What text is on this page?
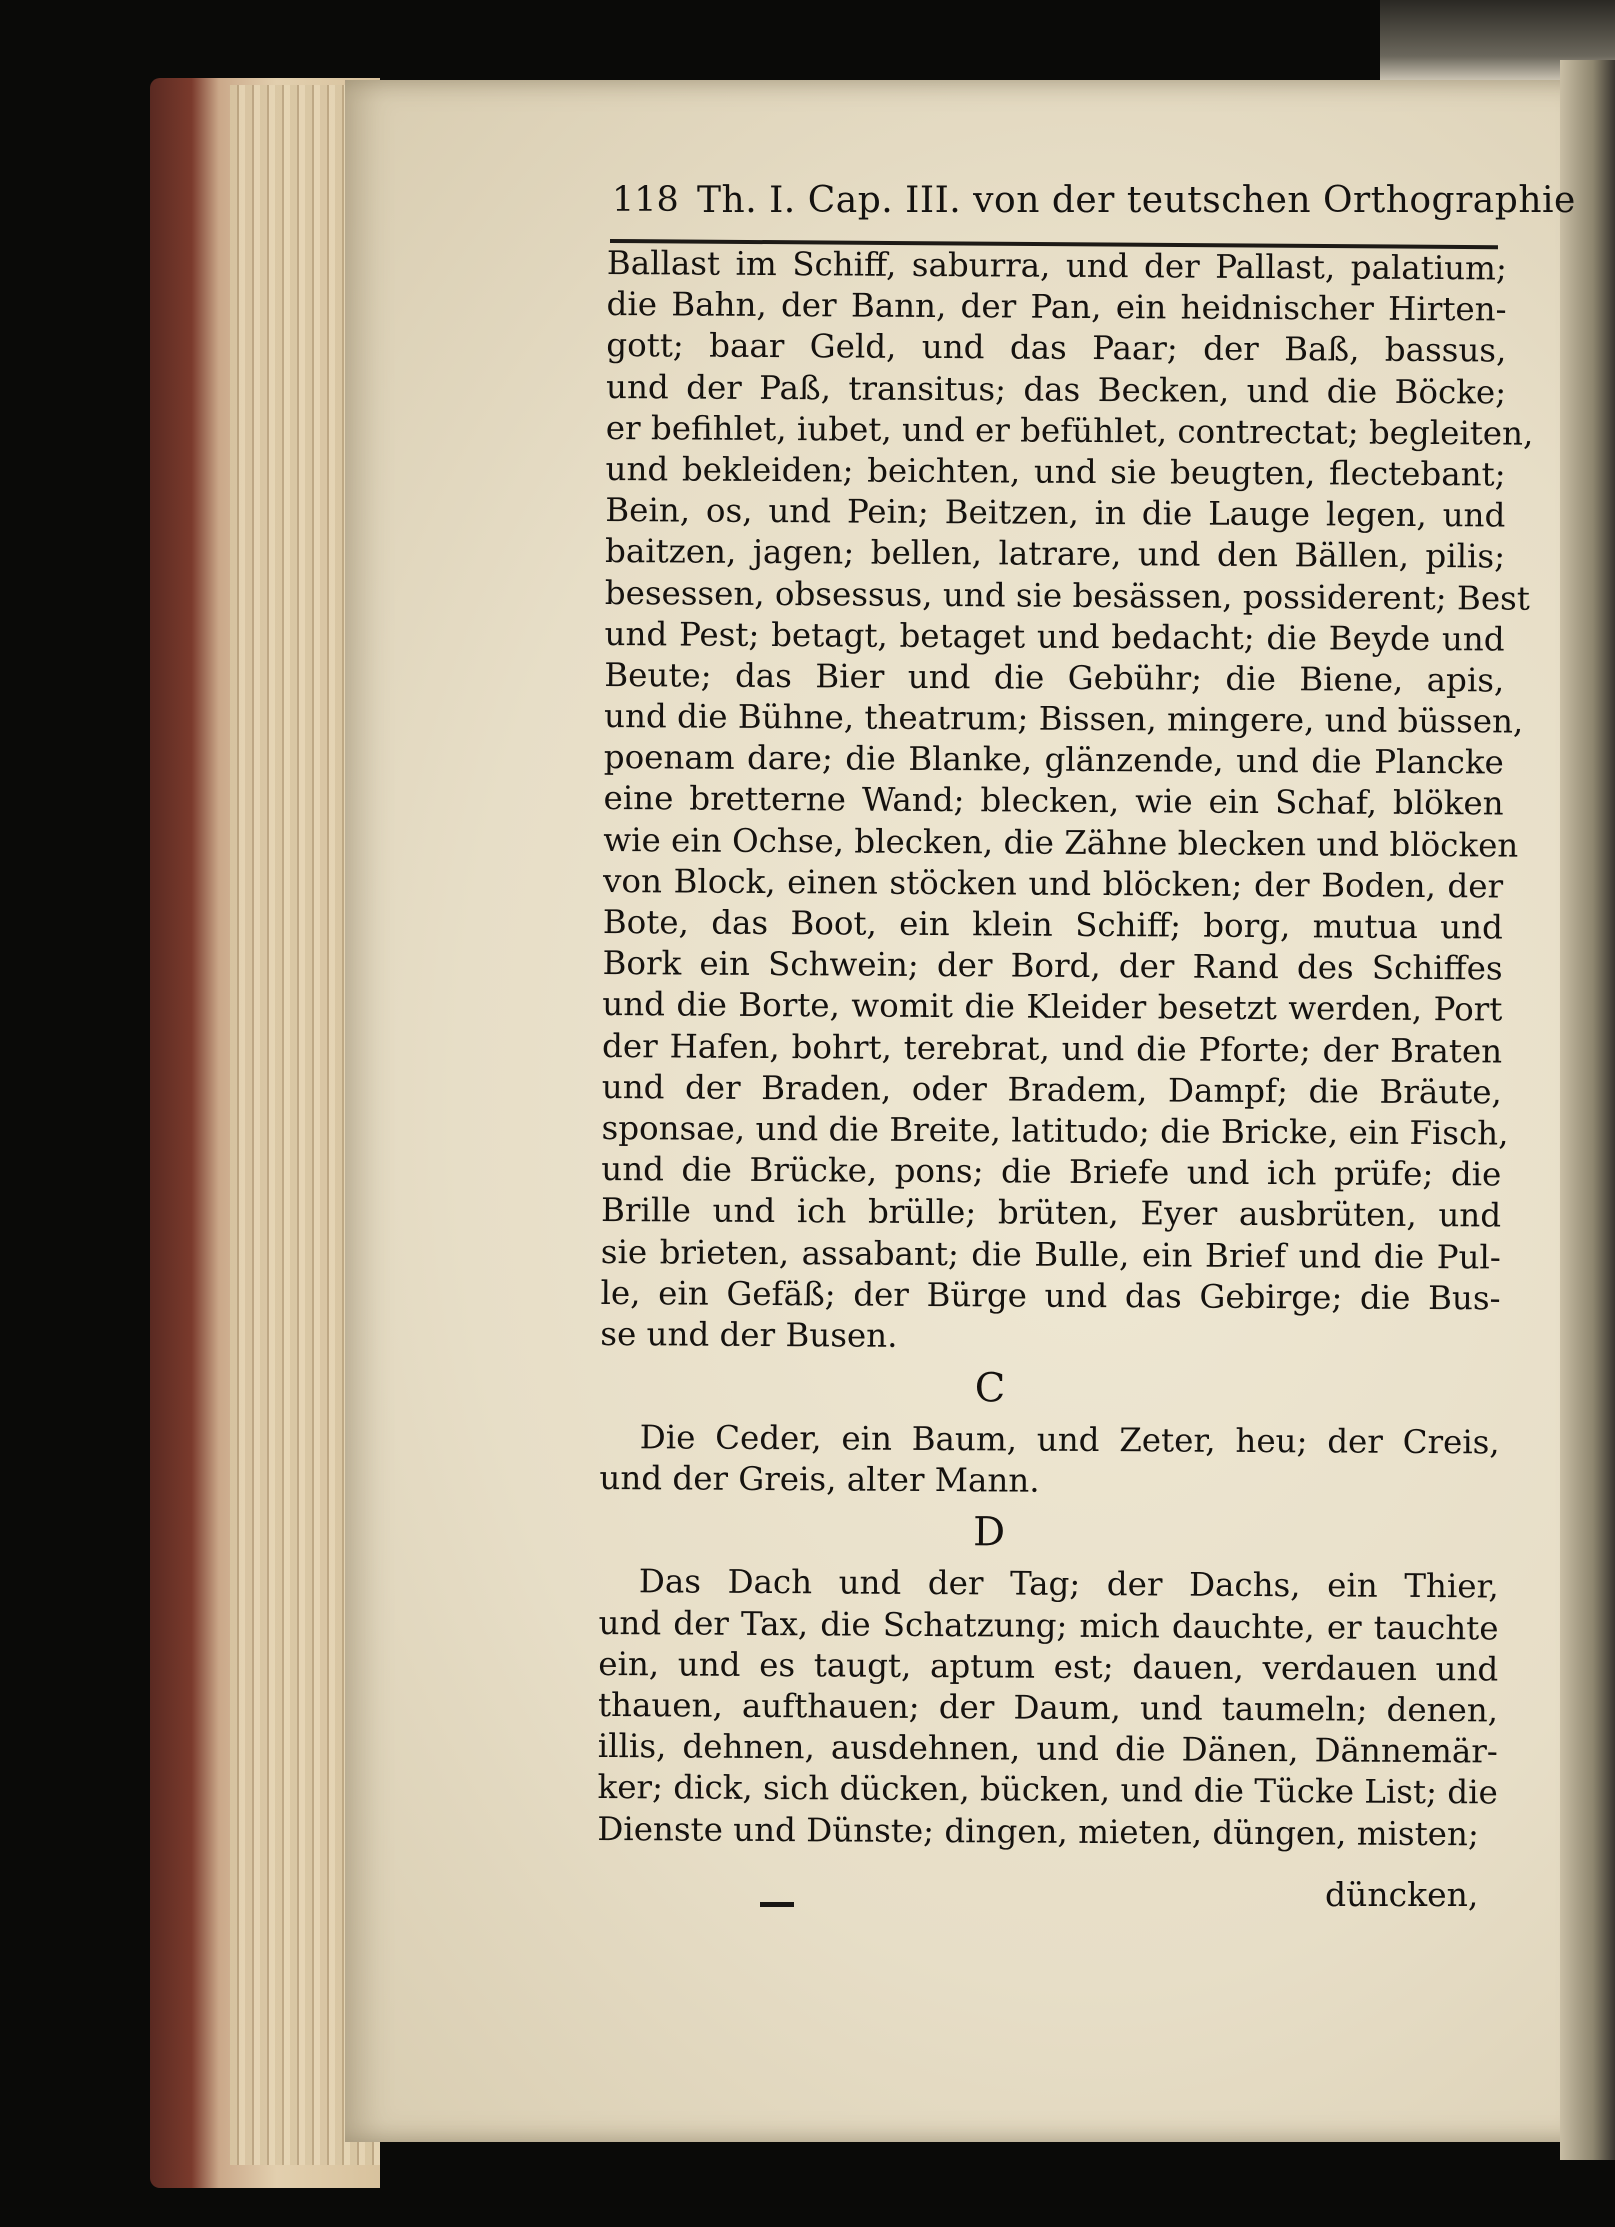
118 Th. I. Cap. III. von der teutschen Orthographie
Ballast im Schiff, saburra, und der Pallast, palatium;
die Bahn, der Bann, der Pan, ein heidnischer Hirten-
gott; baar Geld, und das Paar; der Baß, bassus,
und der Paß, transitus; das Becken, und die Böcke;
er befihlet, iubet, und er befühlet, contrectat; begleiten,
und bekleiden; beichten, und sie beugten, flectebant;
Bein, os, und Pein; Beitzen, in die Lauge legen, und
baitzen, jagen; bellen, latrare, und den Bällen, pilis;
besessen, obsessus, und sie besässen, possiderent; Best
und Pest; betagt, betaget und bedacht; die Beyde und
Beute; das Bier und die Gebühr; die Biene, apis,
und die Bühne, theatrum; Bissen, mingere, und büssen,
poenam dare; die Blanke, glänzende, und die Plancke
eine bretterne Wand; blecken, wie ein Schaf, blöken
wie ein Ochse, blecken, die Zähne blecken und blöcken
von Block, einen stöcken und blöcken; der Boden, der
Bote, das Boot, ein klein Schiff; borg, mutua und
Bork ein Schwein; der Bord, der Rand des Schiffes
und die Borte, womit die Kleider besetzt werden, Port
der Hafen, bohrt, terebrat, und die Pforte; der Braten
und der Braden, oder Bradem, Dampf; die Bräute,
sponsae, und die Breite, latitudo; die Bricke, ein Fisch,
und die Brücke, pons; die Briefe und ich prüfe; die
Brille und ich brülle; brüten, Eyer ausbrüten, und
sie brieten, assabant; die Bulle, ein Brief und die Pul-
le, ein Gefäß; der Bürge und das Gebirge; die Bus-
se und der Busen.
C
Die Ceder, ein Baum, und Zeter, heu; der Creis,
und der Greis, alter Mann.
D
Das Dach und der Tag; der Dachs, ein Thier,
und der Tax, die Schatzung; mich dauchte, er tauchte
ein, und es taugt, aptum est; dauen, verdauen und
thauen, aufthauen; der Daum, und taumeln; denen,
illis, dehnen, ausdehnen, und die Dänen, Dännemär-
ker; dick, sich dücken, bücken, und die Tücke List; die
Dienste und Dünste; dingen, mieten, düngen, misten;
düncken,
